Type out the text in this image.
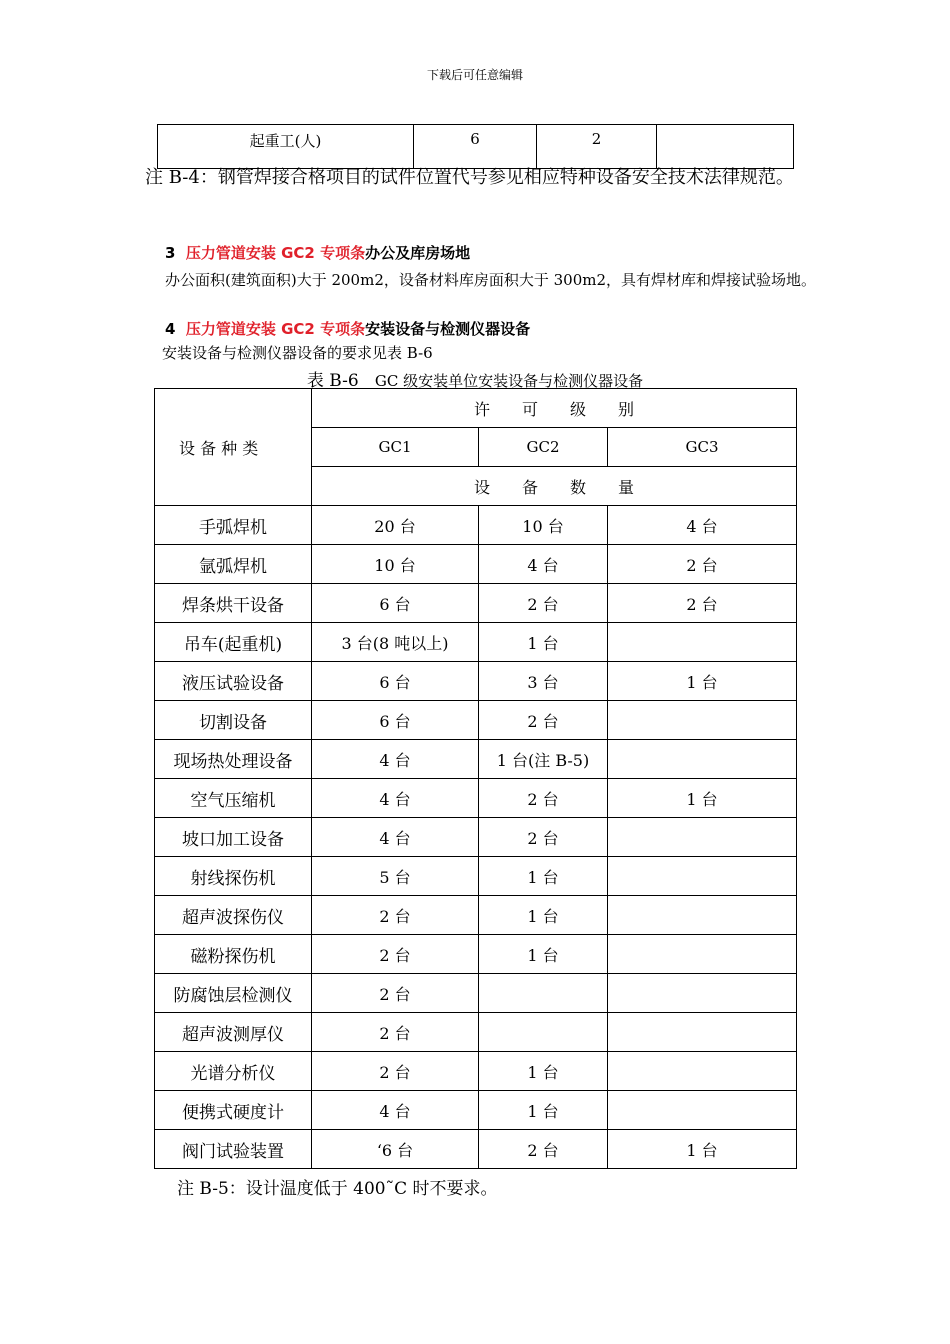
下载后可任意编辑
起重工(人)	6	2	
注 B-4：钢管焊接合格项目的试件位置代号参见相应特种设备安全技术法律规范。
3 压力管道安装 GC2 专项条办公及库房场地
办公面积(建筑面积)大于 200m2，设备材料库房面积大于 300m2，具有焊材库和焊接试验场地。
4 压力管道安装 GC2 专项条安装设备与检测仪器设备
安装设备与检测仪器设备的要求见表 B-6
表 B-6 GC 级安装单位安装设备与检测仪器设备
设 备 种 类	许　　可　　级　　别		
	GC1	GC2	GC3
	设　　备　　数　　量		
手弧焊机	20 台	10 台	4 台
氩弧焊机	10 台	4 台	2 台
焊条烘干设备	6 台	2 台	2 台
吊车(起重机)	3 台(8 吨以上)	1 台	
液压试验设备	6 台	3 台	1 台
切割设备	6 台	2 台	
现场热处理设备	4 台	1 台(注 B-5)	
空气压缩机	4 台	2 台	1 台
坡口加工设备	4 台	2 台	
射线探伤机	5 台	1 台	
超声波探伤仪	2 台	1 台	
磁粉探伤机	2 台	1 台	
防腐蚀层检测仪	2 台		
超声波测厚仪	2 台		
光谱分析仪	2 台	1 台	
便携式硬度计	4 台	1 台	
阀门试验装置	‘6 台	2 台	1 台
注 B-5：设计温度低于 400˜C 时不要求。
